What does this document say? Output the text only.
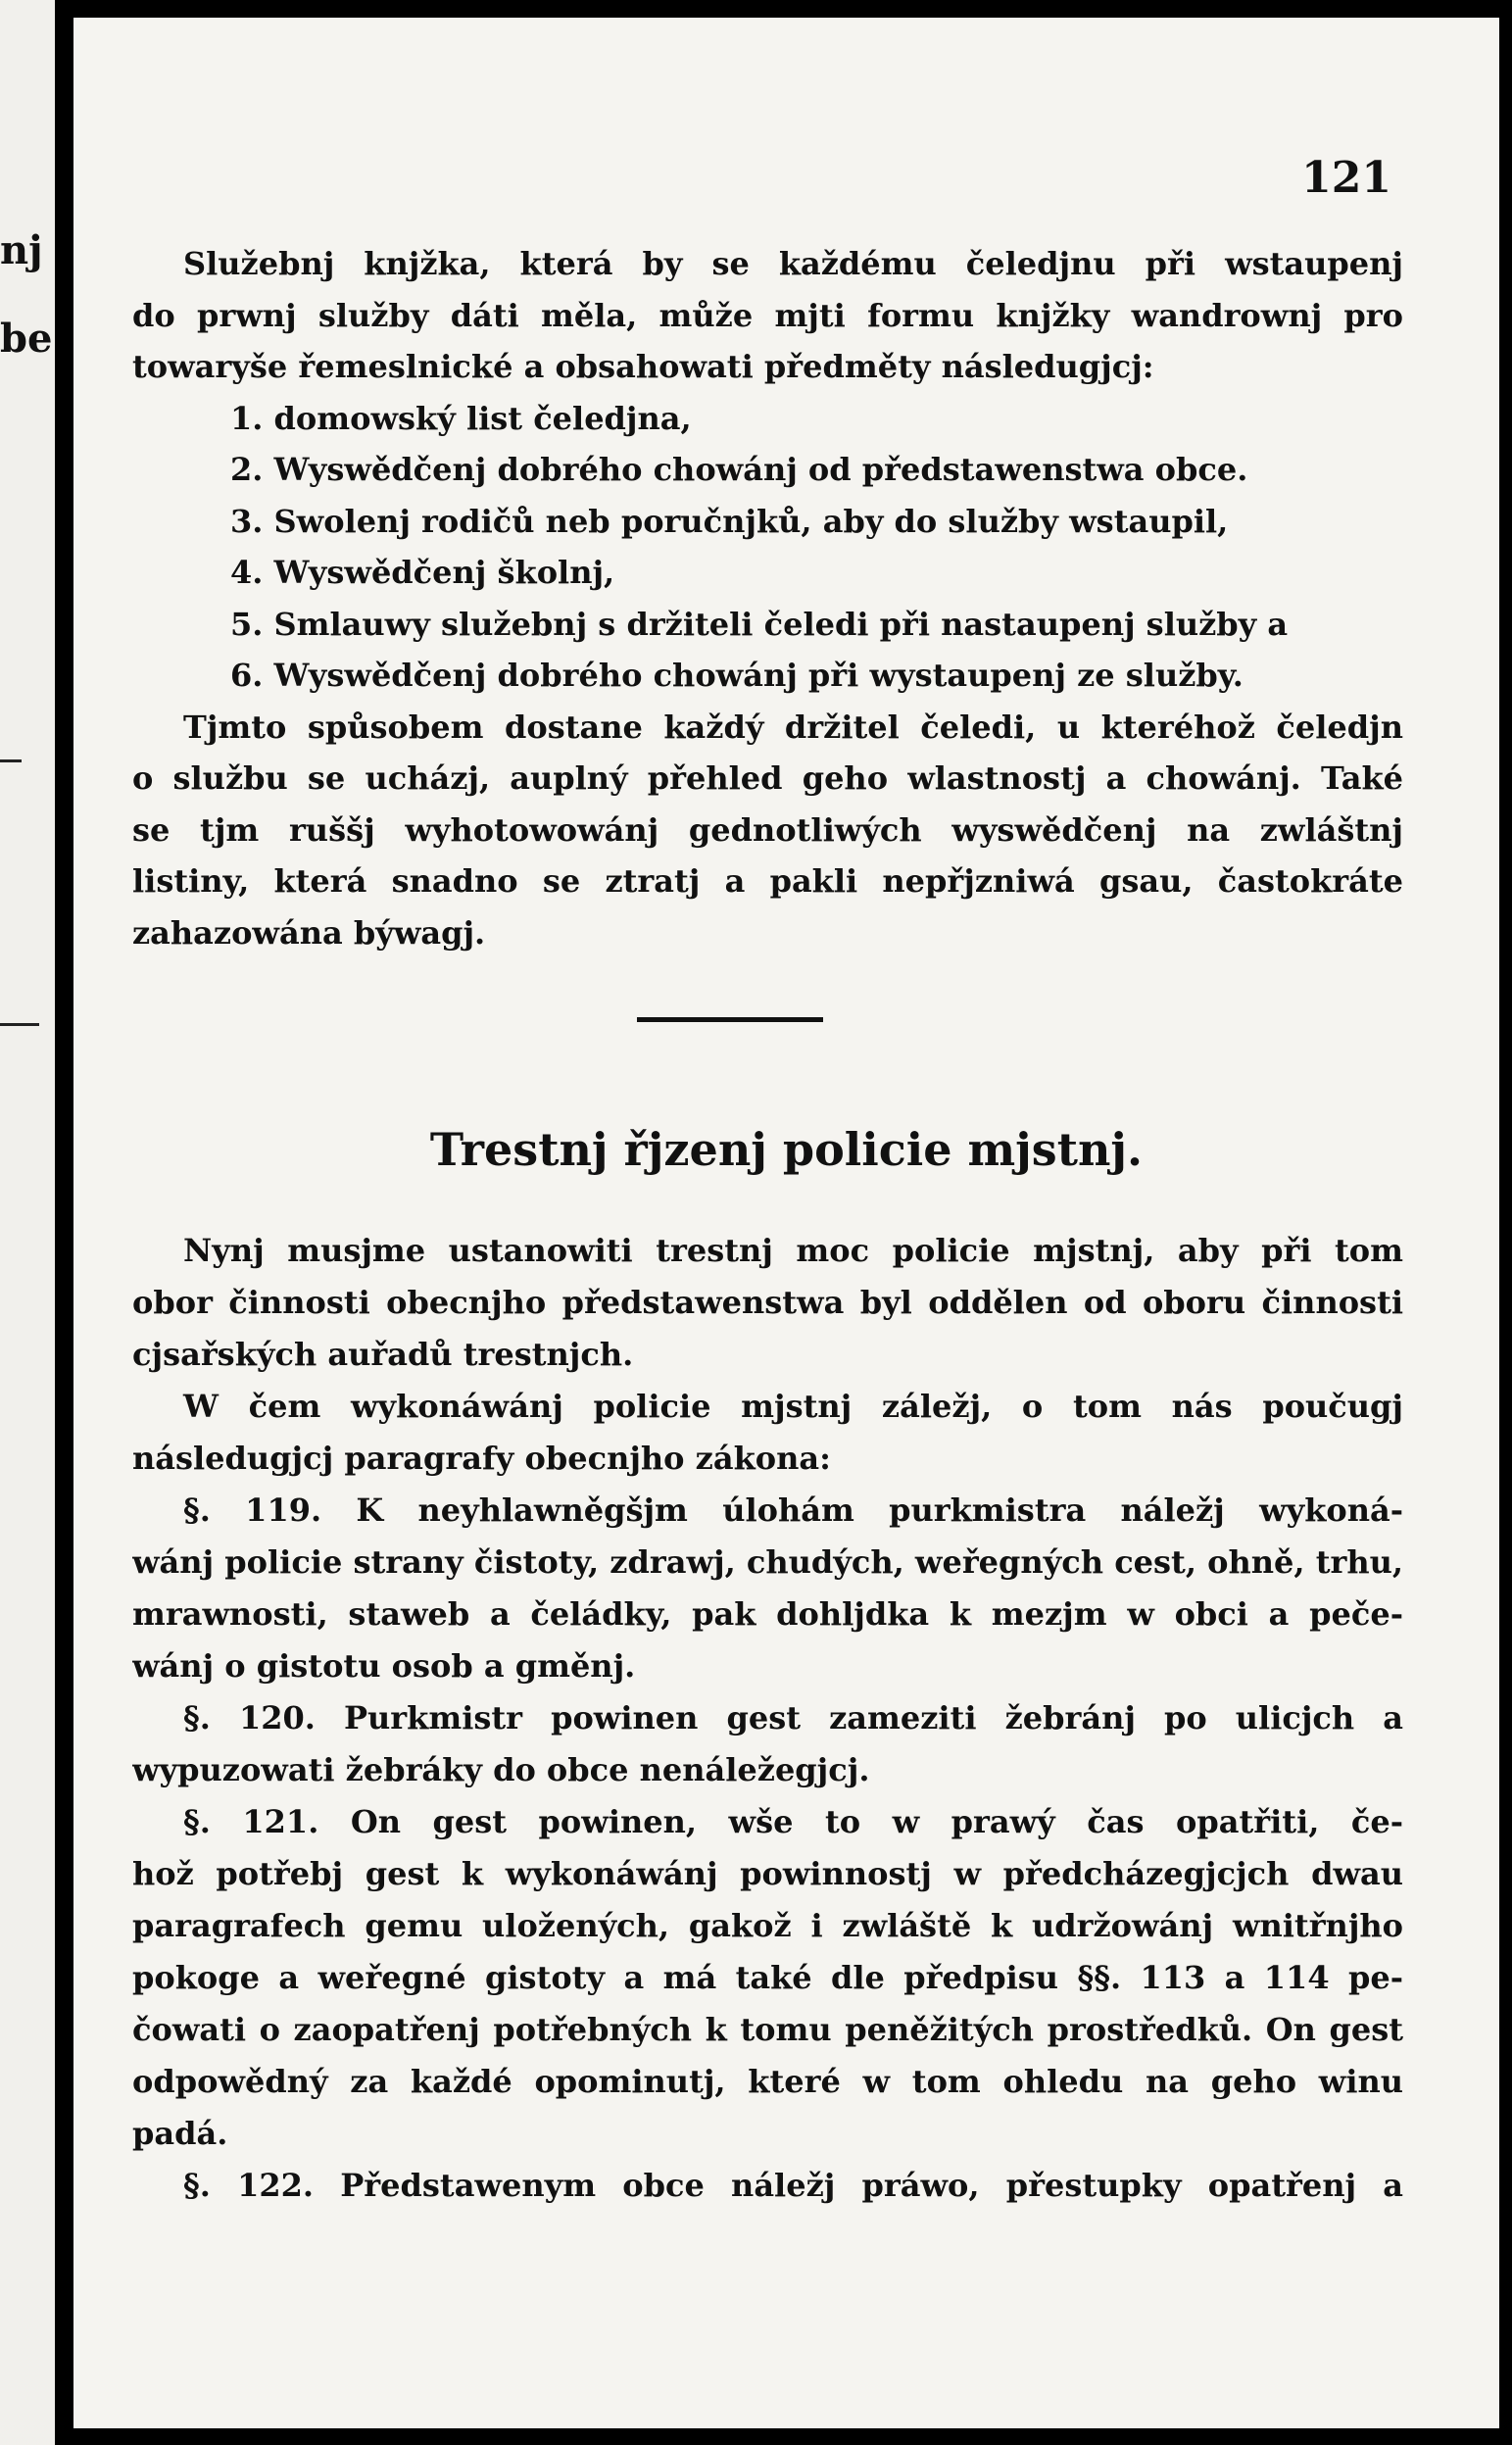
nj
be
121
Služebnj knjžka, která by se každému čeledjnu při wstaupenj
do prwnj služby dáti měla, může mjti formu knjžky wandrownj pro
towaryše řemeslnické a obsahowati předměty následugjcj:
1. domowský list čeledjna,
2. Wyswědčenj dobrého chowánj od předstawenstwa obce.
3. Swolenj rodičů neb poručnjků, aby do služby wstaupil,
4. Wyswědčenj školnj,
5. Smlauwy služebnj s držiteli čeledi při nastaupenj služby a
6. Wyswědčenj dobrého chowánj při wystaupenj ze služby.
Tjmto spůsobem dostane každý držitel čeledi, u kteréhož čeledjn
o službu se ucházj, auplný přehled geho wlastnostj a chowánj. Také
se tjm ruššj wyhotowowánj gednotliwých wyswědčenj na zwláštnj
listiny, která snadno se ztratj a pakli nepřjzniwá gsau, častokráte
zahazowána býwagj.
Trestnj řjzenj policie mjstnj.
Nynj musjme ustanowiti trestnj moc policie mjstnj, aby při tom
obor činnosti obecnjho předstawenstwa byl oddělen od oboru činnosti
cjsařských auřadů trestnjch.
W čem wykonáwánj policie mjstnj záležj, o tom nás poučugj
následugjcj paragrafy obecnjho zákona:
§. 119. K neyhlawněgšjm úlohám purkmistra náležj wykoná-
wánj policie strany čistoty, zdrawj, chudých, weřegných cest, ohně, trhu,
mrawnosti, staweb a čeládky, pak dohljdka k mezjm w obci a peče-
wánj o gistotu osob a gměnj.
§. 120. Purkmistr powinen gest zameziti žebránj po ulicjch a
wypuzowati žebráky do obce nenáležegjcj.
§. 121. On gest powinen, wše to w prawý čas opatřiti, če-
hož potřebj gest k wykonáwánj powinnostj w předcházegjcjch dwau
paragrafech gemu uložených, gakož i zwláště k udržowánj wnitřnjho
pokoge a weřegné gistoty a má také dle předpisu §§. 113 a 114 pe-
čowati o zaopatřenj potřebných k tomu peněžitých prostředků. On gest
odpowědný za každé opominutj, které w tom ohledu na geho winu
padá.
§. 122. Předstawenym obce náležj práwo, přestupky opatřenj a
